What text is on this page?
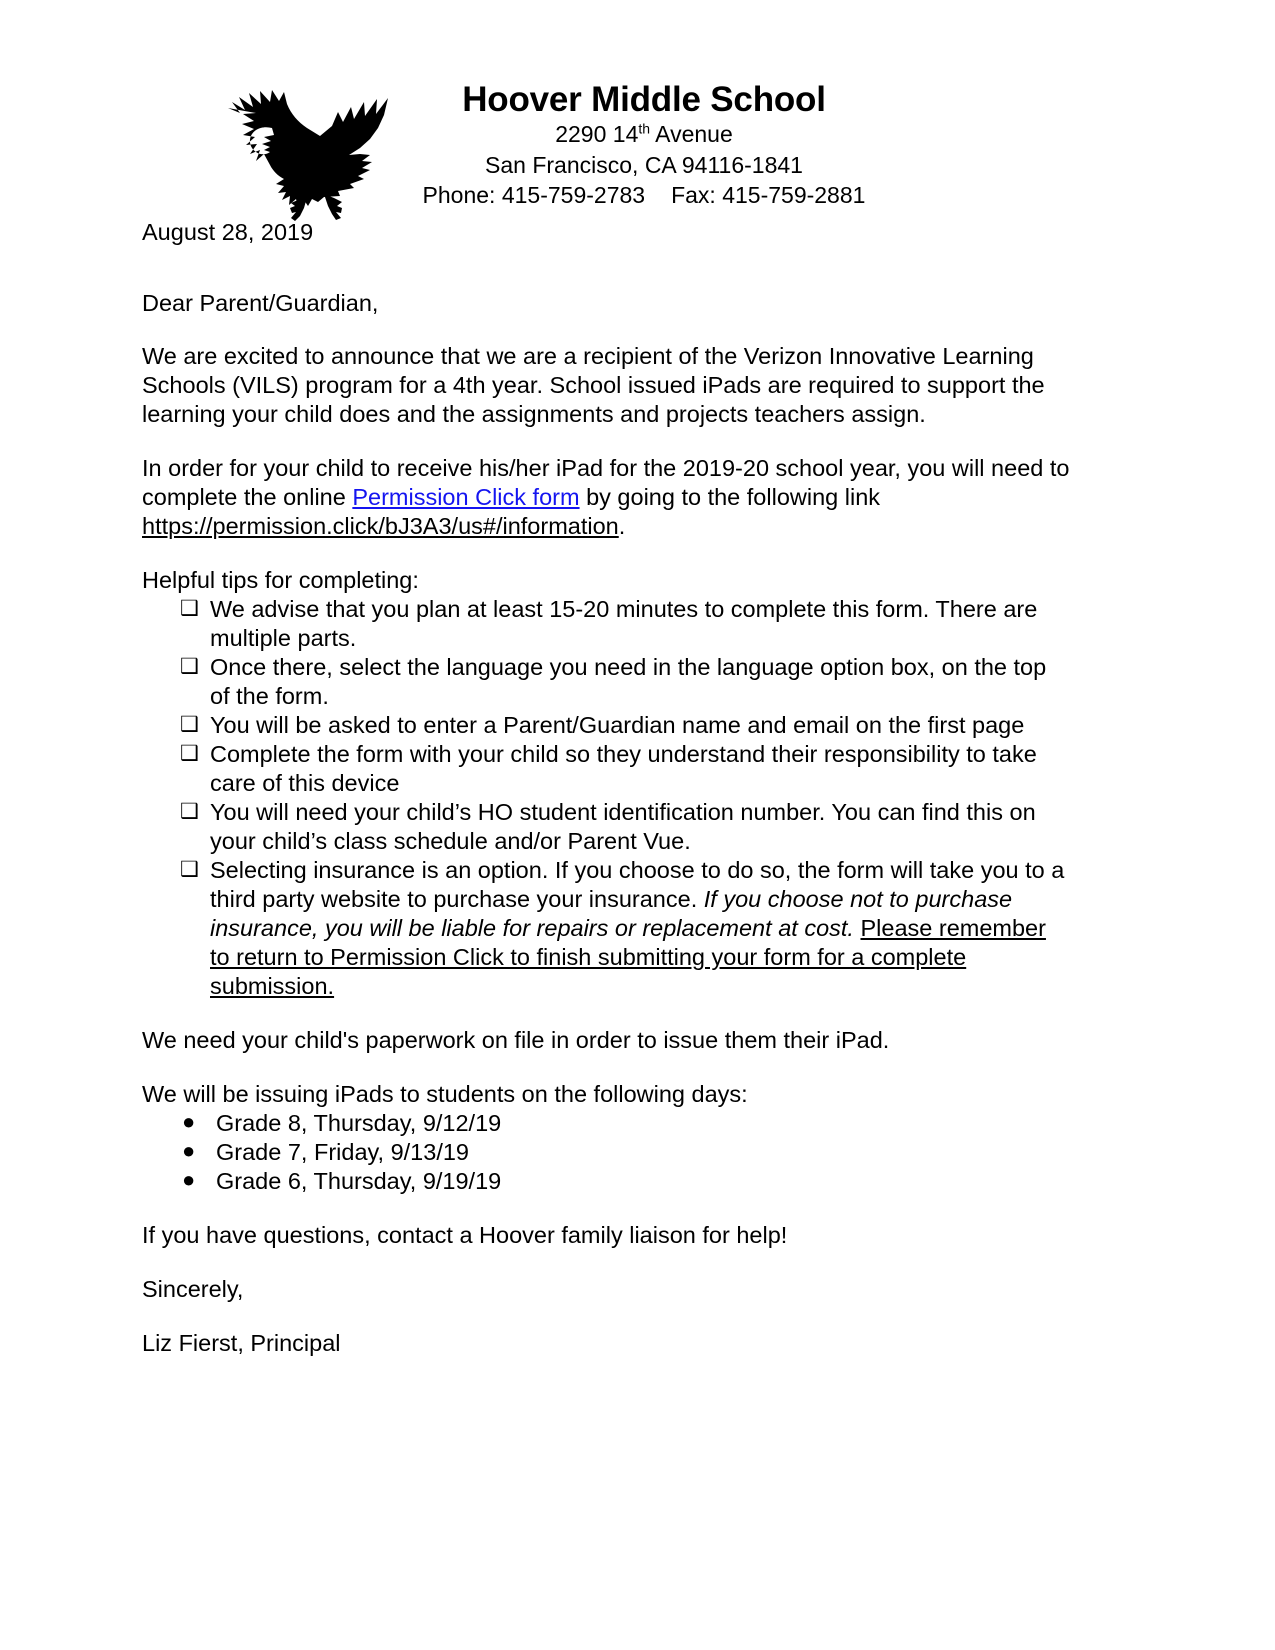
Hoover Middle School
2290 14th Avenue
San Francisco, CA 94116-1841
Phone: 415-759-2783 Fax: 415-759-2881

August 28, 2019

Dear Parent/Guardian,

We are excited to announce that we are a recipient of the Verizon Innovative Learning Schools (VILS) program for a 4th year. School issued iPads are required to support the learning your child does and the assignments and projects teachers assign.

In order for your child to receive his/her iPad for the 2019-20 school year, you will need to complete the online Permission Click form by going to the following link https://permission.click/bJ3A3/us#/information.

Helpful tips for completing:

❑ We advise that you plan at least 15-20 minutes to complete this form. There are multiple parts.
❑ Once there, select the language you need in the language option box, on the top of the form.
❑ You will be asked to enter a Parent/Guardian name and email on the first page
❑ Complete the form with your child so they understand their responsibility to take care of this device
❑ You will need your child’s HO student identification number. You can find this on your child’s class schedule and/or Parent Vue.
❑ Selecting insurance is an option. If you choose to do so, the form will take you to a third party website to purchase your insurance. If you choose not to purchase insurance, you will be liable for repairs or replacement at cost. Please remember to return to Permission Click to finish submitting your form for a complete submission.

We need your child's paperwork on file in order to issue them their iPad.

We will be issuing iPads to students on the following days:

● Grade 8, Thursday, 9/12/19
● Grade 7, Friday, 9/13/19
● Grade 6, Thursday, 9/19/19

If you have questions, contact a Hoover family liaison for help!

Sincerely,

Liz Fierst, Principal
